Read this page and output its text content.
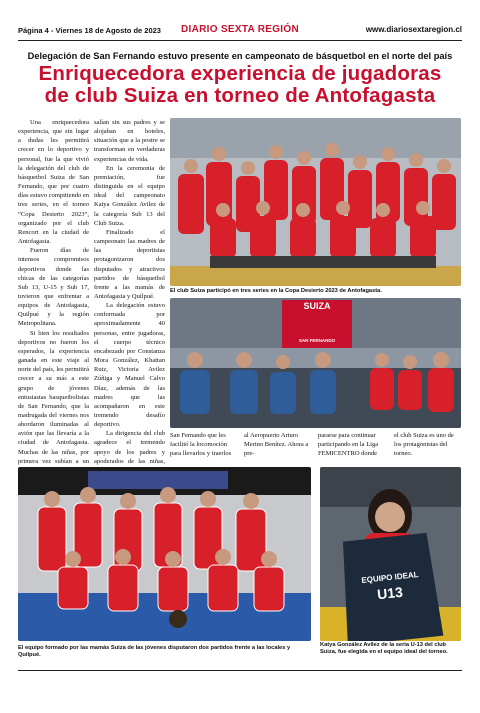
Página 4 - Viernes 18 de Agosto de 2023	DIARIO SEXTA REGIÓN	www.diariosextaregion.cl
Delegación de San Fernando estuvo presente en campeonato de básquetbol en el norte del país
Enriquecedora experiencia de jugadoras
de club Suiza en torneo de Antofagasta

Una enriquecedora experiencia, que sin lugar a dudas les permitirá crecer en lo deportivo y personal, fue la que vivió la delegación del club de básquetbol Suiza de San Fernando, que por cuatro días estuvo compitiendo en tres series, en el torneo “Copa Desierto 2023”, organizado por el club Rencort en la ciudad de Antofagasta.

Fueron días de intensos compromisos deportivos donde las chicas de las categorías Sub 13, U-15 y Sub 17, tuvieron que enfrentar a equipos de Antofagasta, Quilpué y la región Metropolitana.

Si bien los resultados deportivos no fueron los esperados, la experiencia ganada en este viaje al norte del país, les permitirá crecer a su más a este grupo de jóvenes entusiastas basquetbolistas de San Fernando, que la madrugada del viernes nos abordaron iluminadas al avión que las llevaría a la ciudad de Antofagasta. Muchas de las niñas, por primera vez subían a un

salían sin sus padres y se alojaban en hoteles, situación que a la postre se transforman en verdaderas experiencias de vida.

En la ceremonia de premiación, fue distinguida en el equipo ideal del campeonato Katya González Avilez de la categoría Sub 13 del Club Suiza.

Finalizado el campeonato las madres de las deportistas protagonizaron dos disputados y atractivos partidos de básquetbol frente a las mamás de Antofagasta y Quilpué.

La delegación estuvo conformada por aproximadamente 40 personas, entre jugadoras, el cuerpo técnico encabezado por Constanza Mora González, Khattan Ruiz, Victoria Avilez Zúñiga y Manuel Calvo Díaz, además de las madres que las acompañaron en este tremendo desafío deportivo.

La dirigencia del club agradece el tremendo apoyo de los padres y apoderados de las niñas,

El club Suiza participó en tres series en la Copa Desierto 2023 de Antofagasta.
SUIZA
SAN FERNANDO
San Fernando que les facilitó la locomoción para llevarlos y traerlos
al Aeropuerto Arturo Merino Benítez. Ahora a pre-
pararse para continuar participando en la Liga FEMICENTRO donde
el club Suiza es uno de los protagonistas del torneo.
EQUIPO IDEAL
U13
El equipo formado por las mamás Suiza de las jóvenes disputaron dos partidos frente a las locales y Quilpué.
Katya González Avilez de la seria U-13 del club Suiza, fue elegida en el equipo ideal del torneo.
